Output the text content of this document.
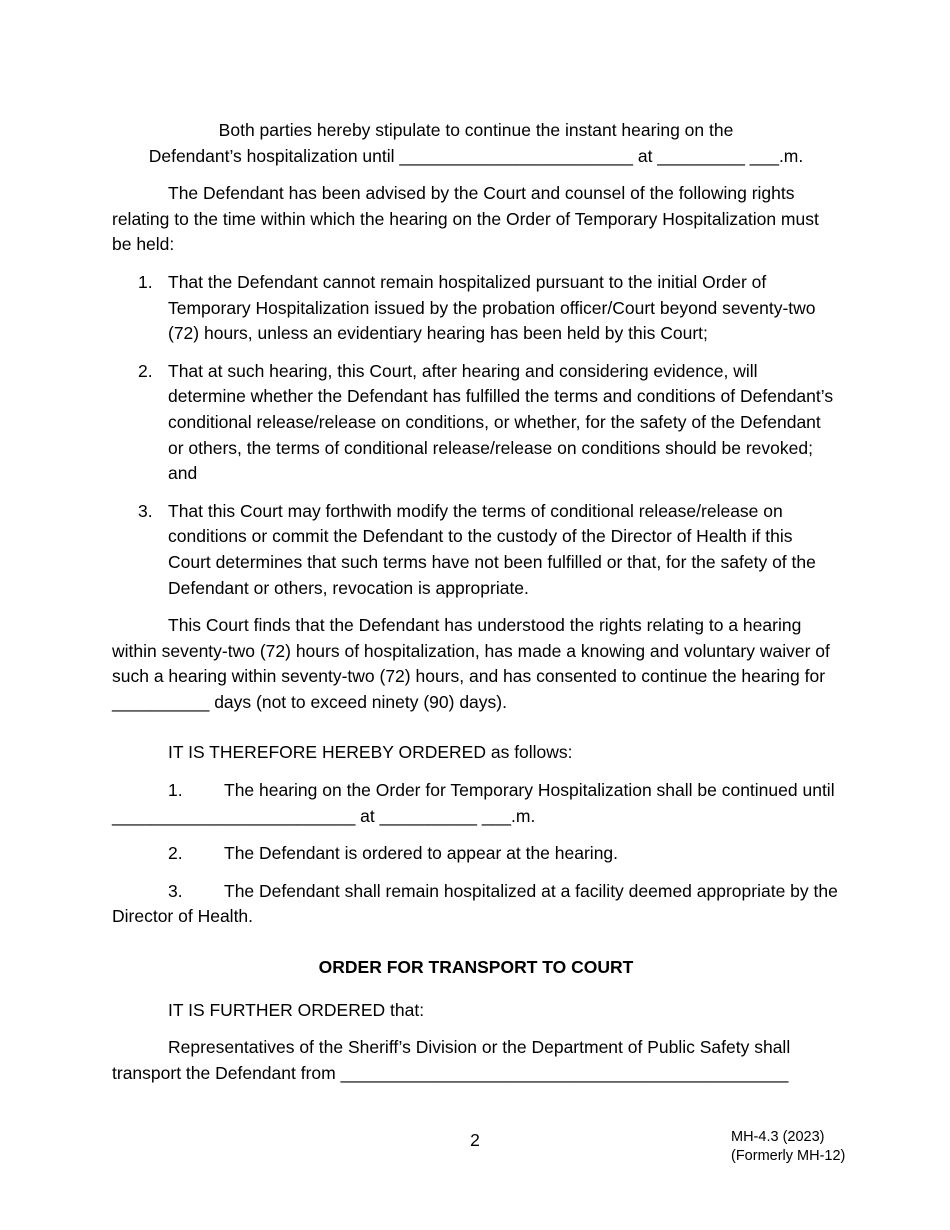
Both parties hereby stipulate to continue the instant hearing on the

Defendant’s hospitalization until ________________________ at _________ ___.m.

The Defendant has been advised by the Court and counsel of the following rights relating to the time within which the hearing on the Order of Temporary Hospitalization must be held:

1. That the Defendant cannot remain hospitalized pursuant to the initial Order of Temporary Hospitalization issued by the probation officer/Court beyond seventy-two (72) hours, unless an evidentiary hearing has been held by this Court;
2. That at such hearing, this Court, after hearing and considering evidence, will determine whether the Defendant has fulfilled the terms and conditions of Defendant’s conditional release/release on conditions, or whether, for the safety of the Defendant or others, the terms of conditional release/release on conditions should be revoked; and
3. That this Court may forthwith modify the terms of conditional release/release on conditions or commit the Defendant to the custody of the Director of Health if this Court determines that such terms have not been fulfilled or that, for the safety of the Defendant or others, revocation is appropriate.

This Court finds that the Defendant has understood the rights relating to a hearing within seventy-two (72) hours of hospitalization, has made a knowing and voluntary waiver of such a hearing within seventy-two (72) hours, and has consented to continue the hearing for __________ days (not to exceed ninety (90) days).

IT IS THEREFORE HEREBY ORDERED as follows:

1. The hearing on the Order for Temporary Hospitalization shall be continued until _________________________ at __________ ___.m.

2. The Defendant is ordered to appear at the hearing.

3. The Defendant shall remain hospitalized at a facility deemed appropriate by the Director of Health.

ORDER FOR TRANSPORT TO COURT

IT IS FURTHER ORDERED that:

Representatives of the Sheriff’s Division or the Department of Public Safety shall transport the Defendant from ______________________________________________

2	MH-4.3 (2023)
(Formerly MH-12)
